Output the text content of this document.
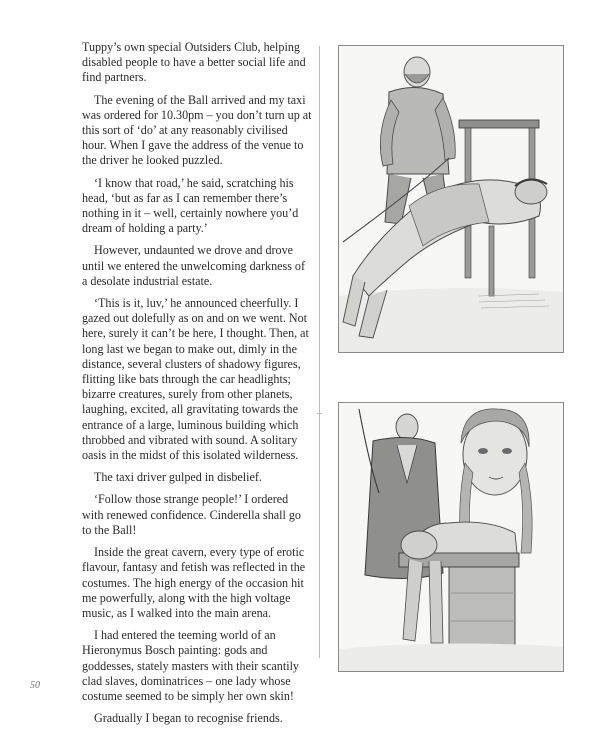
Tuppy’s own special Outsiders Club, helping disabled people to have a better social life and find partners.

The evening of the Ball arrived and my taxi was ordered for 10.30pm – you don’t turn up at this sort of ‘do’ at any reasonably civilised hour. When I gave the address of the venue to the driver he looked puzzled.

‘I know that road,’ he said, scratching his head, ‘but as far as I can remember there’s nothing in it – well, certainly nowhere you’d dream of holding a party.’

However, undaunted we drove and drove until we entered the unwelcoming darkness of a desolate industrial estate.

‘This is it, luv,’ he announced cheerfully. I gazed out dolefully as on and on we went. Not here, surely it can’t be here, I thought. Then, at long last we began to make out, dimly in the distance, several clusters of shadowy figures, flitting like bats through the car headlights; bizarre creatures, surely from other planets, laughing, excited, all gravitating towards the entrance of a large, luminous building which throbbed and vibrated with sound. A solitary oasis in the midst of this isolated wilderness.

The taxi driver gulped in disbelief.

‘Follow those strange people!’ I ordered with renewed confidence. Cinderella shall go to the Ball!

Inside the great cavern, every type of erotic flavour, fantasy and fetish was reflected in the costumes. The high energy of the occasion hit me powerfully, along with the high voltage music, as I walked into the main arena.

I had entered the teeming world of an Hieronymus Bosch painting: gods and goddesses, stately masters with their scantily clad slaves, dominatrices – one lady whose costume seemed to be simply her own skin!

Gradually I began to recognise friends.

50
